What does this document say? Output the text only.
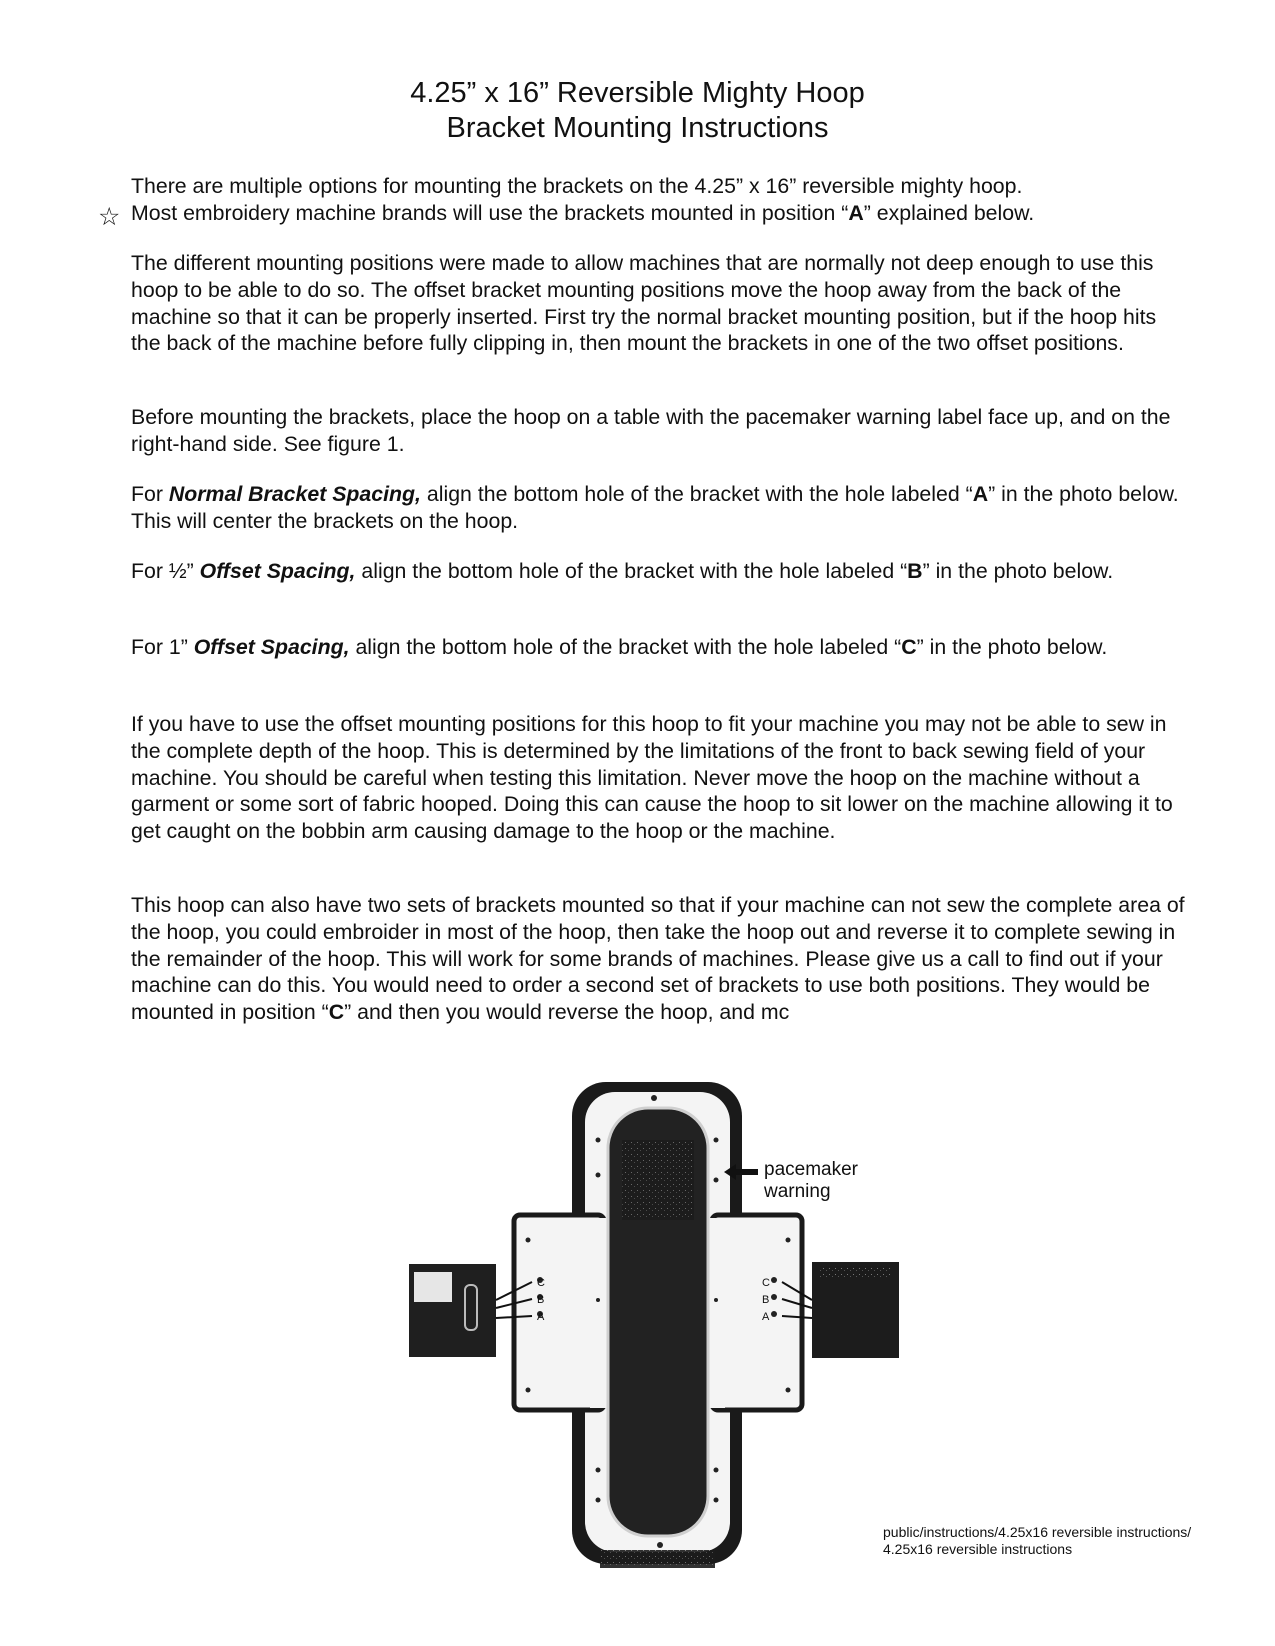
4.25” x 16” Reversible Mighty Hoop
Bracket Mounting Instructions
☆
There are multiple options for mounting the brackets on the 4.25” x 16” reversible mighty hoop.
Most embroidery machine brands will use the brackets mounted in position “A” explained below.
The different mounting positions were made to allow machines that are normally not deep enough to use this hoop to be able to do so. The offset bracket mounting positions move the hoop away from the back of the machine so that it can be properly inserted. First try the normal bracket mounting position, but if the hoop hits the back of the machine before fully clipping in, then mount the brackets in one of the two offset positions.
Before mounting the brackets, place the hoop on a table with the pacemaker warning label face up, and on the right-hand side. See figure 1.
For Normal Bracket Spacing, align the bottom hole of the bracket with the hole labeled “A” in the photo below. This will center the brackets on the hoop.
For ½” Offset Spacing, align the bottom hole of the bracket with the hole labeled “B” in the photo below.
For 1” Offset Spacing, align the bottom hole of the bracket with the hole labeled “C” in the photo below.
If you have to use the offset mounting positions for this hoop to fit your machine you may not be able to sew in the complete depth of the hoop. This is determined by the limitations of the front to back sewing field of your machine. You should be careful when testing this limitation. Never move the hoop on the machine without a garment or some sort of fabric hooped. Doing this can cause the hoop to sit lower on the machine allowing it to get caught on the bobbin arm causing damage to the hoop or the machine.
This hoop can also have two sets of brackets mounted so that if your machine can not sew the complete area of the hoop, you could embroider in most of the hoop, then take the hoop out and reverse it to complete sewing in the remainder of the hoop. This will work for some brands of machines. Please give us a call to find out if your machine can do this. You would need to order a second set of brackets to use both positions. They would be mounted in position “C” and then you would reverse the hoop, and mc
C
B
A
C
B
A
pacemaker
warning
public/instructions/4.25x16 reversible instructions/
4.25x16 reversible instructions
